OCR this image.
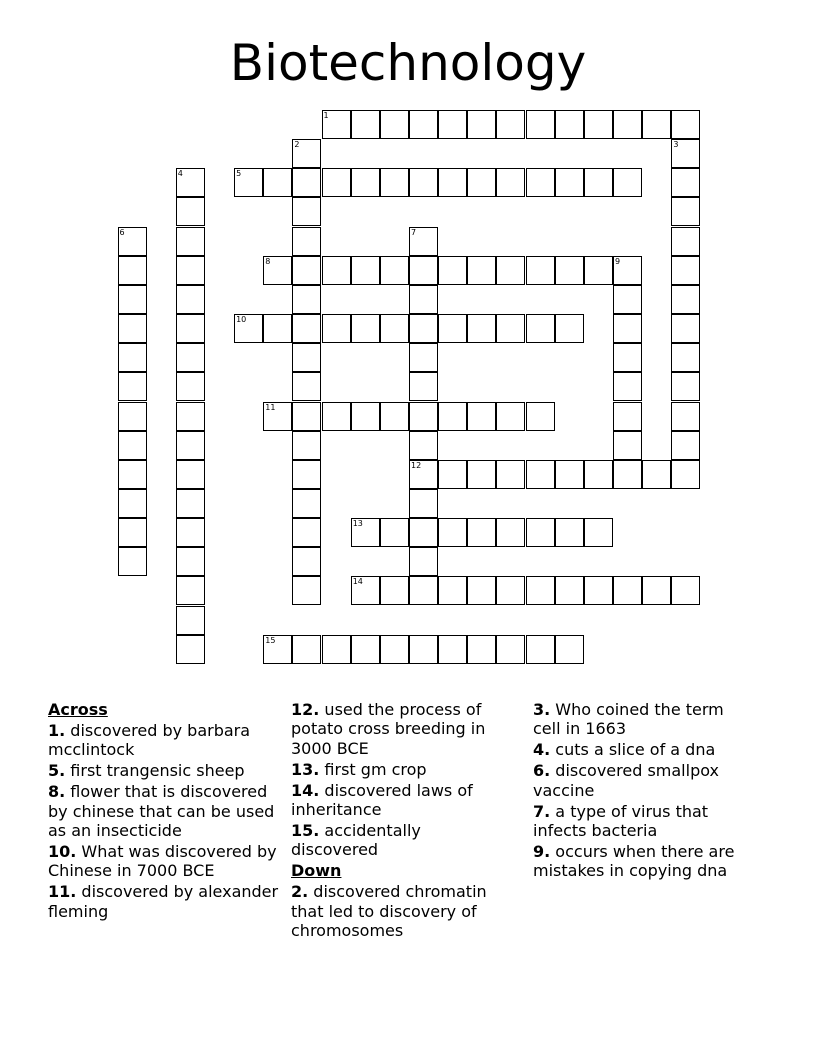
Biotechnology
1
2	3
4	5
6	7
12
8	9
10
11
13
14
15

Across

1. discovered by barbara mcclintock

5. first trangensic sheep

8. flower that is discovered by chinese that can be used as an insecticide

10. What was discovered by Chinese in 7000 BCE

11. discovered by alexander fleming

12. used the process of potato cross breeding in 3000 BCE

13. first gm crop

14. discovered laws of inheritance

15. accidentally discovered

Down

2. discovered chromatin that led to discovery of chromosomes

3. Who coined the term cell in 1663

4. cuts a slice of a dna

6. discovered smallpox vaccine

7. a type of virus that infects bacteria

9. occurs when there are mistakes in copying dna
